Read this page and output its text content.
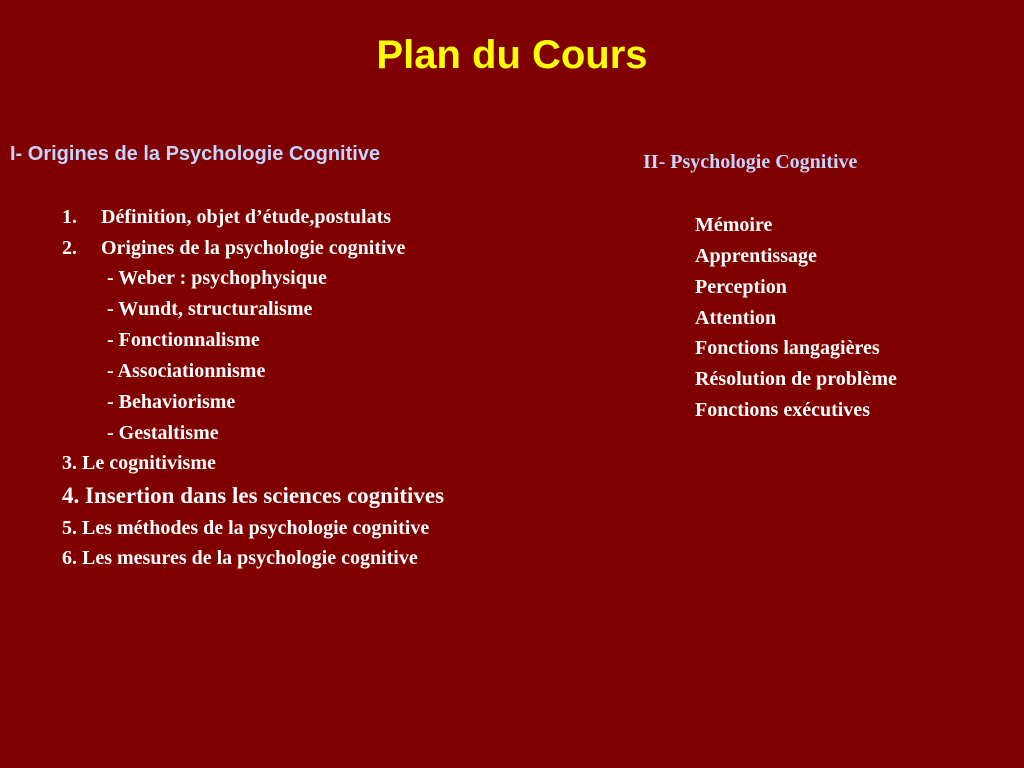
Plan du Cours
I- Origines de la Psychologie Cognitive
1. Définition, objet d’étude,postulats
2. Origines de la psychologie cognitive
- Weber : psychophysique
- Wundt, structuralisme
- Fonctionnalisme
- Associationnisme
- Behaviorisme
- Gestaltisme
3. Le cognitivisme
4. Insertion dans les sciences cognitives
5. Les méthodes de la psychologie cognitive
6. Les mesures de la psychologie cognitive
II- Psychologie Cognitive
Mémoire
Apprentissage
Perception
Attention
Fonctions langagières
Résolution de problème
Fonctions exécutives
